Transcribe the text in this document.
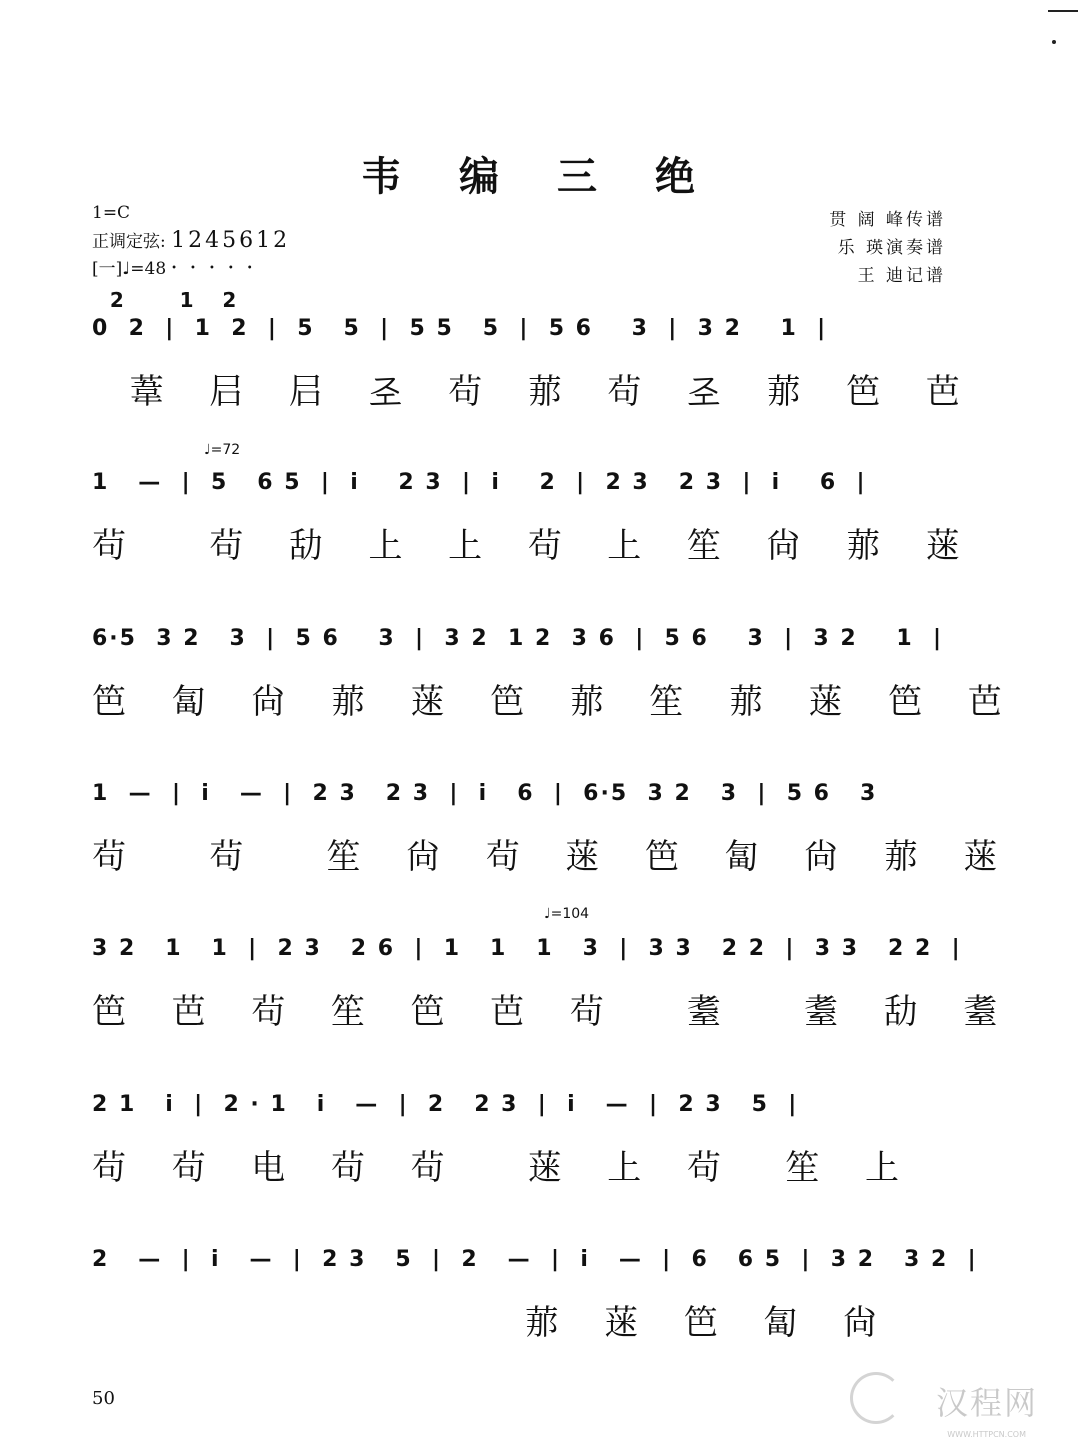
韦 编 三 绝
1=C
正调定弦: 1245612
•••••
[一]♩=48
贯 阔 峰传谱
乐 瑛演奏谱
王 迪记谱
2      1   2
0  2  |  1  2  |  5   5  |  5 5   5  |  5 6    3  |  3 2    1  |
葦  𡰪  𡰪  𢀖  茍  𦰡  茍  𢀖  𦰡  笆  芭
♩=72
1   —  |  5   6 5  |  i    2 3  |  i    2  |  2 3   2 3  |  i    6  |
茍    茍  㔚  上  上  茍  上  笙  尙  𦰡  蒾
6·5  3 2   3  |  5 6    3  |  3 2  1 2  3 6  |  5 6    3  |  3 2    1  |
笆  匐  尙  𦰡  蒾  笆  𦰡  笙  𦰡  蒾  笆  芭
1  —  |  i   —  |  2 3   2 3  |  i   6  |  6·5  3 2   3  |  5 6   3
茍    茍    笙  尙  茍  蒾  笆  匐  尙  𦰡  蒾
♩=104
3 2   1   1  |  2 3   2 6  |  1   1   1   3  |  3 3   2 2  |  3 3   2 2  |
笆  芭  茍  笙  笆  芭  茍    耋    耋  㔚  耋
2 1   i  |  2 · 1   i   —  |  2   2 3  |  i   —  |  2 3   5  |
茍  茍  电  茍  茍    蒾  上  茍   笙  上
2   —  |  i   —  |  2 3   5  |  2   —  |  i   —  |  6   6 5  |  3 2   3 2  |
𦰡  蒾  笆  匐  尙
50	汉程网
WWW.HTTPCN.COM
